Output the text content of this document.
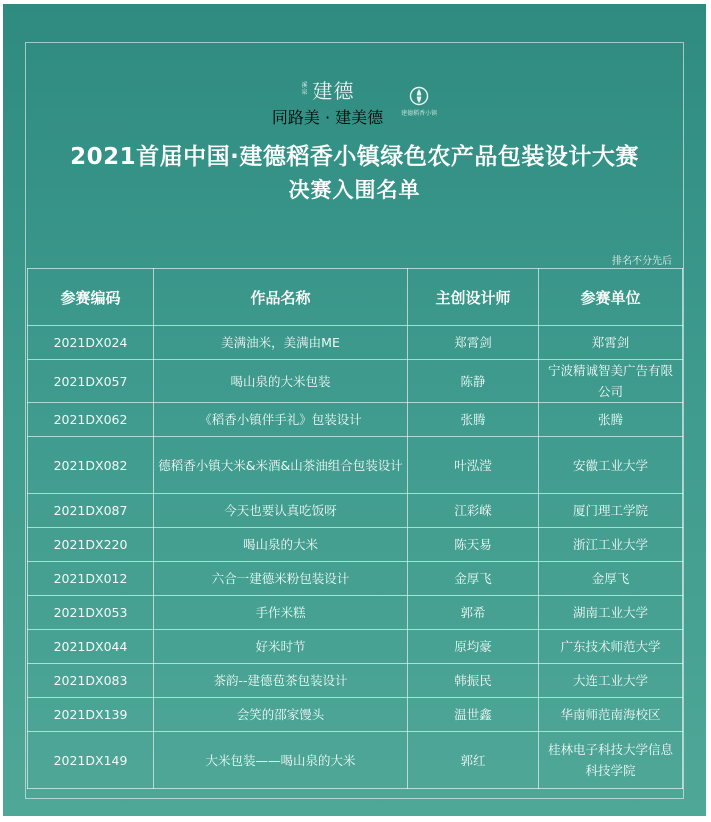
溪泉 建德
同路美 · 建美德	建德稻香小镇
2021首届中国·建德稻香小镇绿色农产品包装设计大赛
决赛入围名单
排名不分先后
参赛编码	作品名称	主创设计师	参赛单位
2021DX024	美满油米，美满由ME	郑霄剑	郑霄剑
2021DX057	喝山泉的大米包装	陈静	宁波精诚智美广告有限公司
2021DX062	《稻香小镇伴手礼》包装设计	张腾	张腾
2021DX082	德稻香小镇大米&米酒&山茶油组合包装设计	叶泓滢	安徽工业大学
2021DX087	今天也要认真吃饭呀	江彩嵘	厦门理工学院
2021DX220	喝山泉的大米	陈天易	浙江工业大学
2021DX012	六合一建德米粉包装设计	金厚飞	金厚飞
2021DX053	手作米糕	郭希	湖南工业大学
2021DX044	好米时节	原均豪	广东技术师范大学
2021DX083	茶韵--建德苞茶包装设计	韩振民	大连工业大学
2021DX139	会笑的邵家馒头	温世鑫	华南师范南海校区
2021DX149	大米包装——喝山泉的大米	郭红	桂林电子科技大学信息科技学院
